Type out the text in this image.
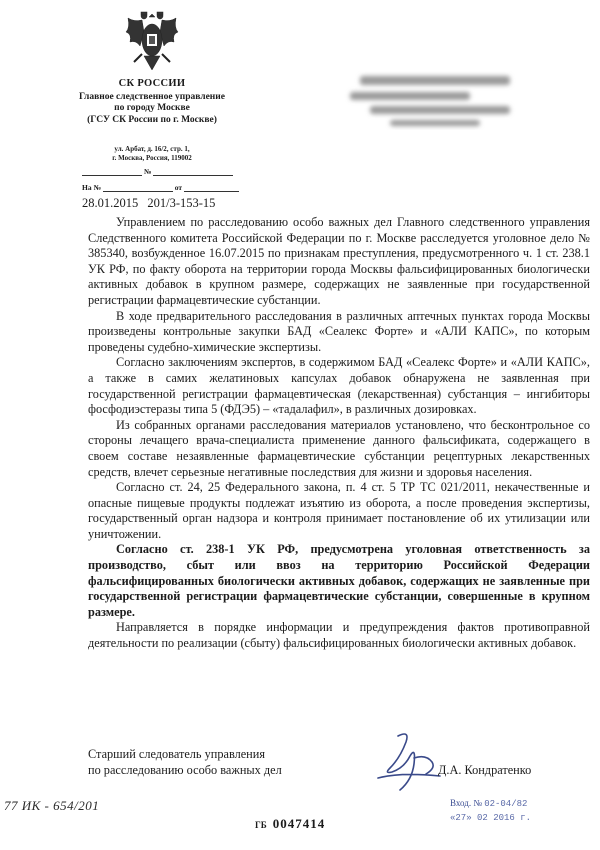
СК РОССИИ
Главное следственное управление
по городу Москве
(ГСУ СК России по г. Москве)
ул. Арбат, д. 16/2, стр. 1,
г. Москва, Россия, 119002
№
На №	от
28.01.2015 201/3-153-15

Управлением по расследованию особо важных дел Главного следственного управления Следственного комитета Российской Федерации по г. Москве расследуется уголовное дело № 385340, возбужденное 16.07.2015 по признакам преступления, предусмотренного ч. 1 ст. 238.1 УК РФ, по факту оборота на территории города Москвы фальсифицированных биологически активных добавок в крупном размере, содержащих не заявленные при государственной регистрации фармацевтические субстанции.

В ходе предварительного расследования в различных аптечных пунктах города Москвы произведены контрольные закупки БАД «Сеалекс Форте» и «АЛИ КАПС», по которым проведены судебно-химические экспертизы.

Согласно заключениям экспертов, в содержимом БАД «Сеалекс Форте» и «АЛИ КАПС», а также в самих желатиновых капсулах добавок обнаружена не заявленная при государственной регистрации фармацевтическая (лекарственная) субстанция – ингибиторы фосфодиэстеразы типа 5 (ФДЭ5) – «тадалафил», в различных дозировках.

Из собранных органами расследования материалов установлено, что бесконтрольное со стороны лечащего врача-специалиста применение данного фальсификата, содержащего в своем составе незаявленные фармацевтические субстанции рецептурных лекарственных средств, влечет серьезные негативные последствия для жизни и здоровья населения.

Согласно ст. 24, 25 Федерального закона, п. 4 ст. 5 ТР ТС 021/2011, некачественные и опасные пищевые продукты подлежат изъятию из оборота, а после проведения экспертизы, государственный орган надзора и контроля принимает постановление об их утилизации или уничтожении.

Согласно ст. 238-1 УК РФ, предусмотрена уголовная ответственность за производство, сбыт или ввоз на территорию Российской Федерации фальсифицированных биологически активных добавок, содержащих не заявленные при государственной регистрации фармацевтические субстанции, совершенные в крупном размере.

Направляется в порядке информации и предупреждения фактов противоправной деятельности по реализации (сбыту) фальсифицированных биологически активных добавок.

Старший следователь управления
по расследованию особо важных дел	Д.А. Кондратенко
77 ИК - 654/201	Вход. № 02-04/82
«27» 02 2016 г.
ГБ 0047414
